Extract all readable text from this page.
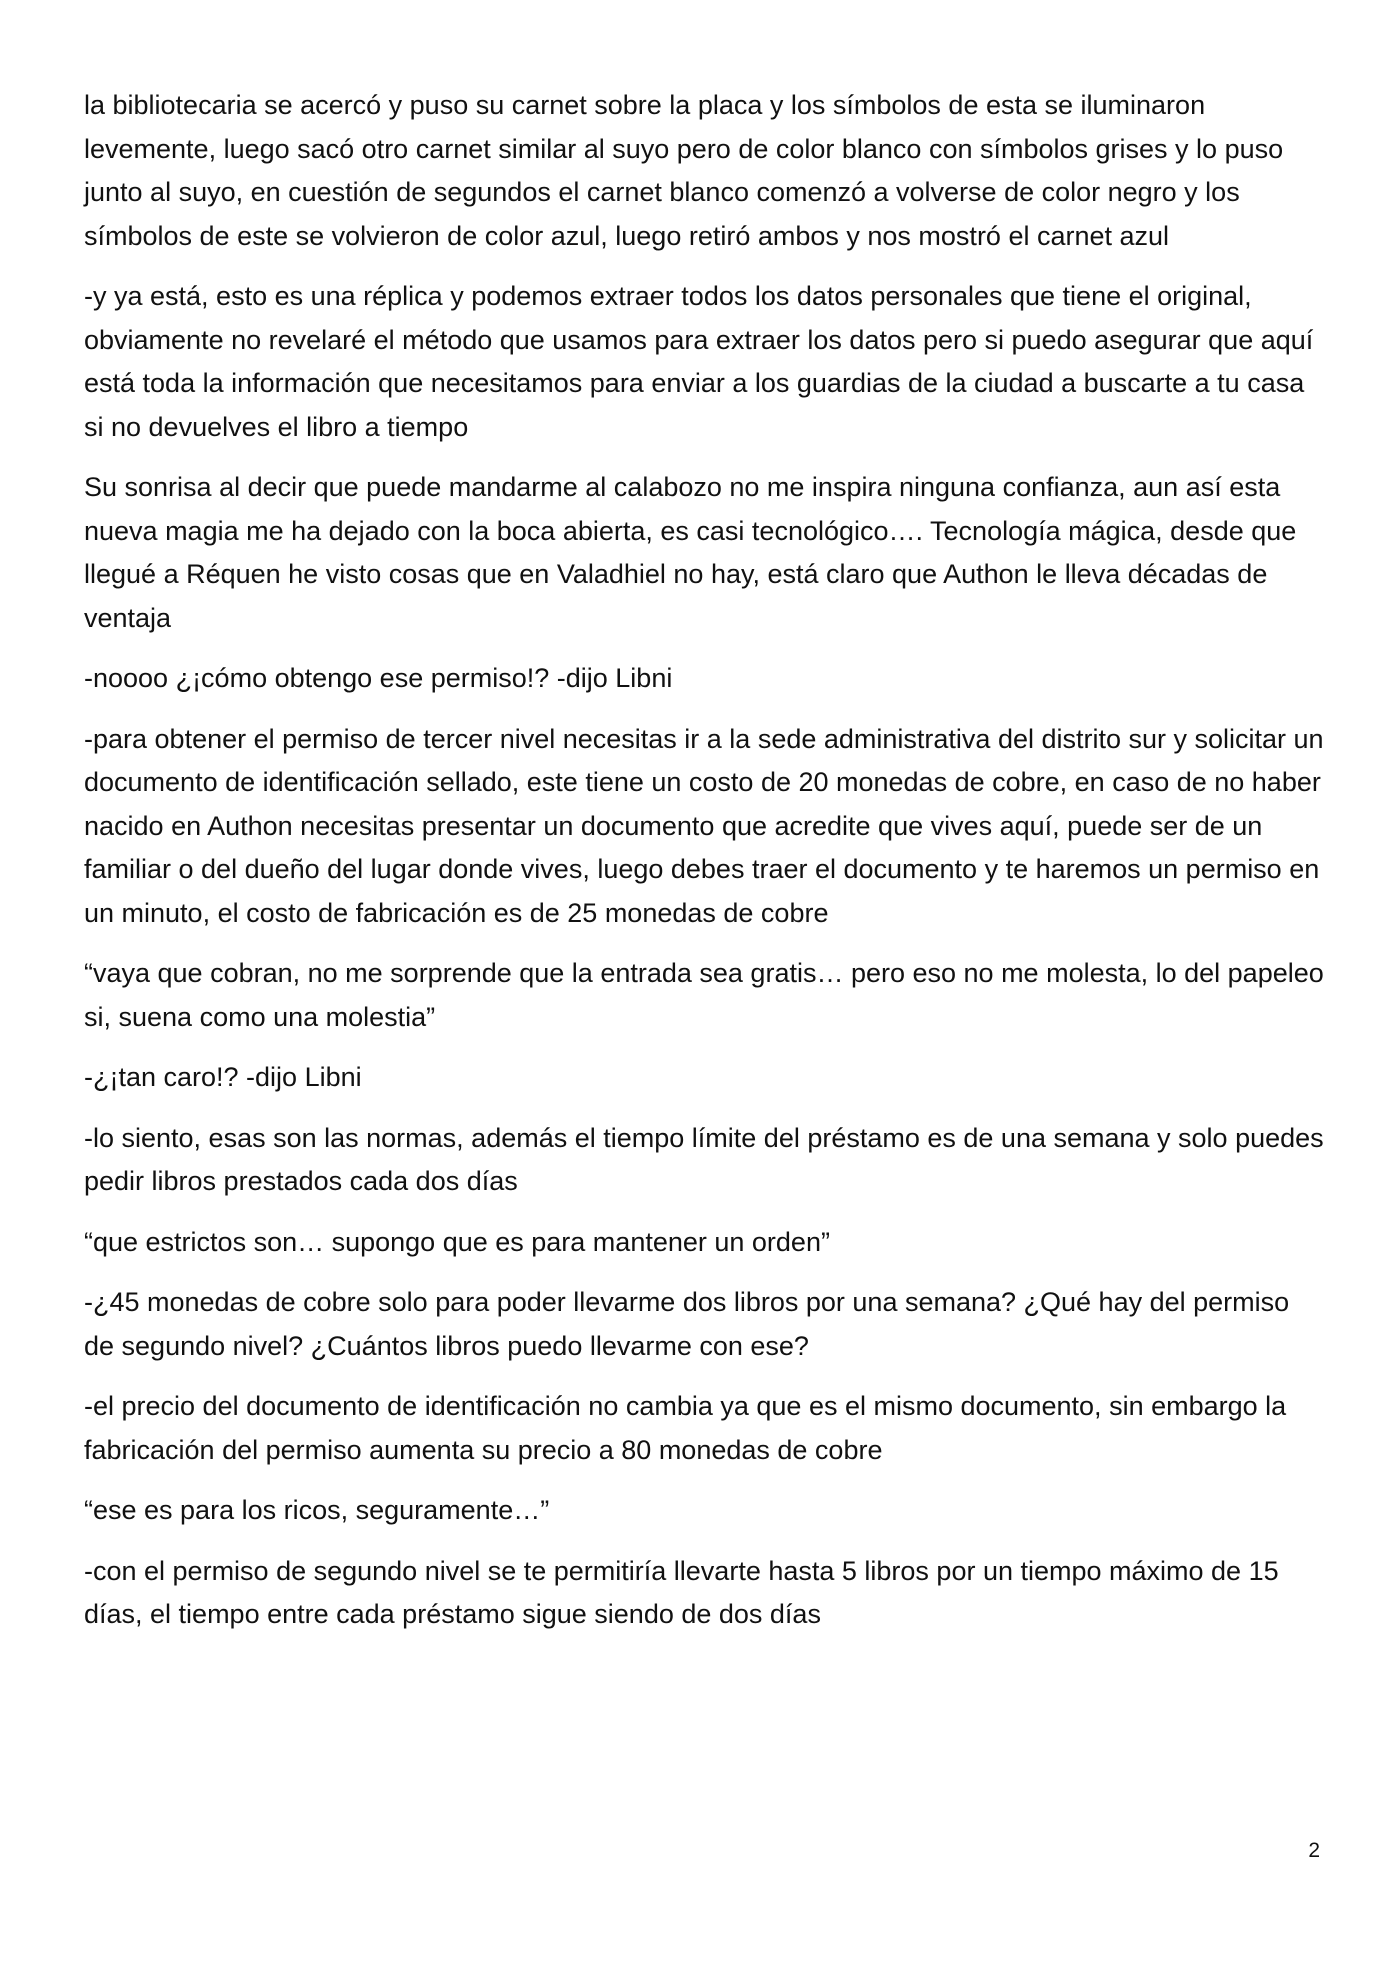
la bibliotecaria se acercó y puso su carnet sobre la placa y los símbolos de esta se iluminaron levemente, luego sacó otro carnet similar al suyo pero de color blanco con símbolos grises y lo puso junto al suyo, en cuestión de segundos el carnet blanco comenzó a volverse de color negro y los símbolos de este se volvieron de color azul, luego retiró ambos y nos mostró el carnet azul

-y ya está, esto es una réplica y podemos extraer todos los datos personales que tiene el original, obviamente no revelaré el método que usamos para extraer los datos pero si puedo asegurar que aquí está toda la información que necesitamos para enviar a los guardias de la ciudad a buscarte a tu casa si no devuelves el libro a tiempo

Su sonrisa al decir que puede mandarme al calabozo no me inspira ninguna confianza, aun así esta nueva magia me ha dejado con la boca abierta, es casi tecnológico…. Tecnología mágica, desde que llegué a Réquen he visto cosas que en Valadhiel no hay, está claro que Authon le lleva décadas de ventaja

-noooo ¿¡cómo obtengo ese permiso!? -dijo Libni

-para obtener el permiso de tercer nivel necesitas ir a la sede administrativa del distrito sur y solicitar un documento de identificación sellado, este tiene un costo de 20 monedas de cobre, en caso de no haber nacido en Authon necesitas presentar un documento que acredite que vives aquí, puede ser de un familiar o del dueño del lugar donde vives, luego debes traer el documento y te haremos un permiso en un minuto, el costo de fabricación es de 25 monedas de cobre

“vaya que cobran, no me sorprende que la entrada sea gratis… pero eso no me molesta, lo del papeleo si, suena como una molestia”

-¿¡tan caro!? -dijo Libni

-lo siento, esas son las normas, además el tiempo límite del préstamo es de una semana y solo puedes pedir libros prestados cada dos días

“que estrictos son… supongo que es para mantener un orden”

-¿45 monedas de cobre solo para poder llevarme dos libros por una semana? ¿Qué hay del permiso de segundo nivel? ¿Cuántos libros puedo llevarme con ese?

-el precio del documento de identificación no cambia ya que es el mismo documento, sin embargo la fabricación del permiso aumenta su precio a 80 monedas de cobre

“ese es para los ricos, seguramente…”

-con el permiso de segundo nivel se te permitiría llevarte hasta 5 libros por un tiempo máximo de 15 días, el tiempo entre cada préstamo sigue siendo de dos días

2
